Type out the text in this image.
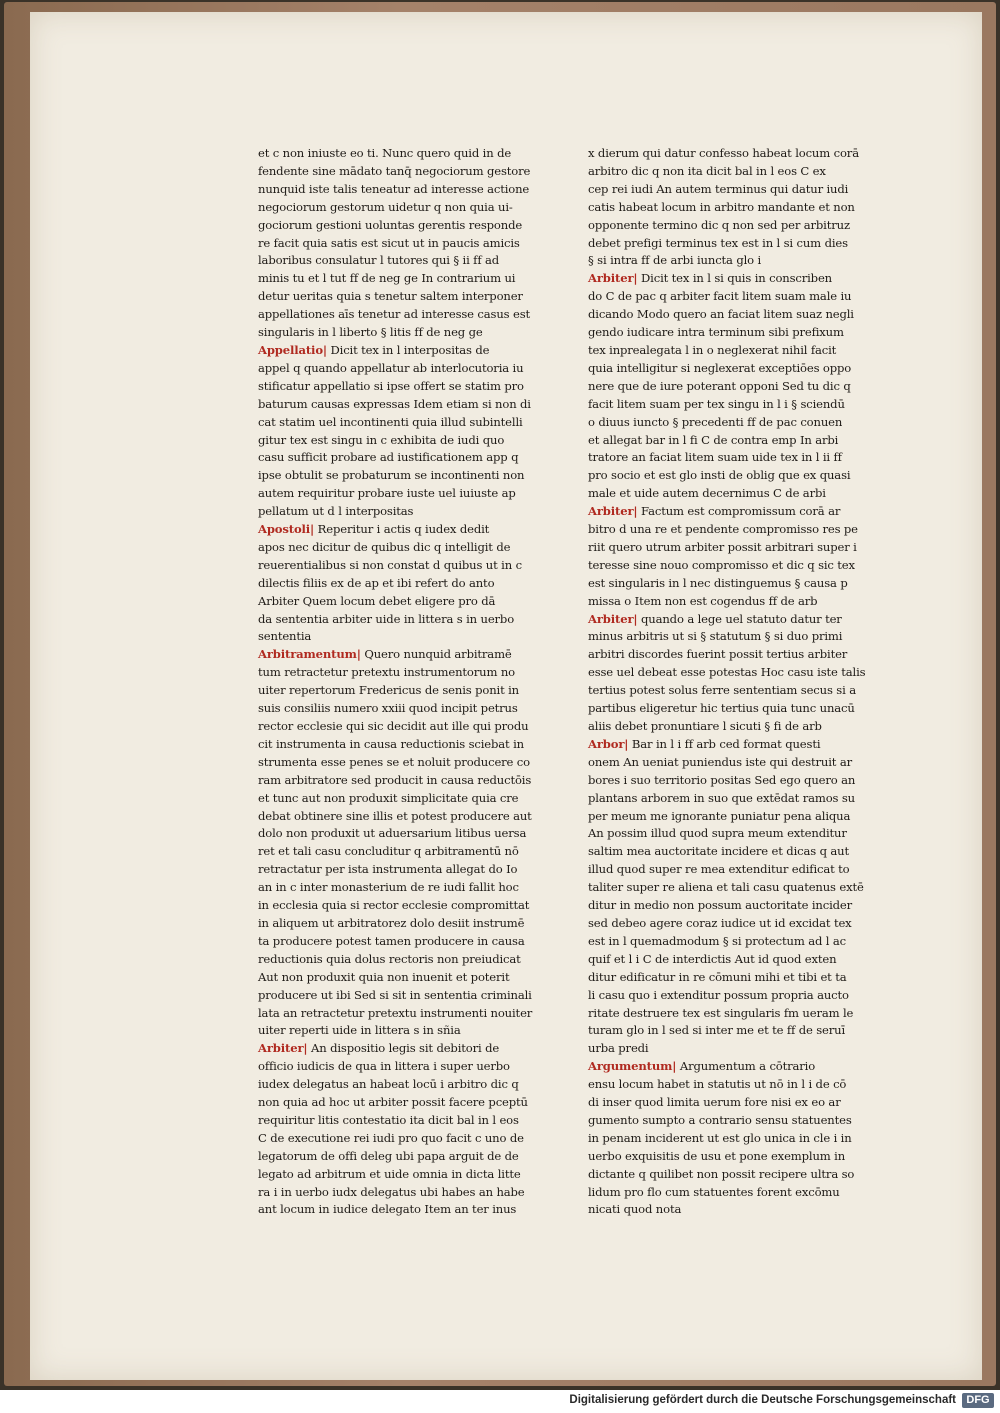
et c non iniuste eo ti. Nunc quero quid in de
fendente sine mādato tanq̄ negociorum gestore
nunquid iste talis teneatur ad interesse actione
negociorum gestorum uidetur q non quia ui-
gociorum gestioni uoluntas gerentis responde
re facit quia satis est sicut ut in paucis amicis
laboribus consulatur l tutores qui § ii ff ad
minis tu et l tut ff de neg ge In contrarium ui
detur ueritas quia s tenetur saltem interponer
appellationes aīs tenetur ad interesse casus est
singularis in l liberto § litis ff de neg ge
Appellatio| Dicit tex in l interpositas de
appel q quando appellatur ab interlocutoria iu
stificatur appellatio si ipse offert se statim pro
baturum causas expressas Idem etiam si non di
cat statim uel incontinenti quia illud subintelli
gitur tex est singu in c exhibita de iudi quo
casu sufficit probare ad iustificationem app q
ipse obtulit se probaturum se incontinenti non
autem requiritur probare iuste uel iuiuste ap
pellatum ut d l interpositas
Apostoli| Reperitur i actis q iudex dedit
apos nec dicitur de quibus dic q intelligit de
reuerentialibus si non constat d quibus ut in c
dilectis filiis ex de ap et ibi refert do anto
Arbiter Quem locum debet eligere pro dā
da sententia arbiter uide in littera s in uerbo
sententia
Arbitramentum| Quero nunquid arbitramē
tum retractetur pretextu instrumentorum no
uiter repertorum Fredericus de senis ponit in
suis consiliis numero xxiii quod incipit petrus
rector ecclesie qui sic decidit aut ille qui produ
cit instrumenta in causa reductionis sciebat in
strumenta esse penes se et noluit producere co
ram arbitratore sed producit in causa reductōis
et tunc aut non produxit simplicitate quia cre
debat obtinere sine illis et potest producere aut
dolo non produxit ut aduersarium litibus uersa
ret et tali casu concluditur q arbitramentū nō
retractatur per ista instrumenta allegat do Io
an in c inter monasterium de re iudi fallit hoc
in ecclesia quia si rector ecclesie compromittat
in aliquem ut arbitratorez dolo desiit instrumē
ta producere potest tamen producere in causa
reductionis quia dolus rectoris non preiudicat
Aut non produxit quia non inuenit et poterit
producere ut ibi Sed si sit in sententia criminali
lata an retractetur pretextu instrumenti nouiter
uiter reperti uide in littera s in sñia
Arbiter| An dispositio legis sit debitori de
officio iudicis de qua in littera i super uerbo
iudex delegatus an habeat locū i arbitro dic q
non quia ad hoc ut arbiter possit facere pceptū
requiritur litis contestatio ita dicit bal in l eos
C de executione rei iudi pro quo facit c uno de
legatorum de offi deleg ubi papa arguit de de
legato ad arbitrum et uide omnia in dicta litte
ra i in uerbo iudx delegatus ubi habes an habe
ant locum in iudice delegato Item an ter inus
x dierum qui datur confesso habeat locum corā
arbitro dic q non ita dicit bal in l eos C ex
cep rei iudi An autem terminus qui datur iudi
catis habeat locum in arbitro mandante et non
opponente termino dic q non sed per arbitruz
debet prefigi terminus tex est in l si cum dies
§ si intra ff de arbi iuncta glo i
Arbiter| Dicit tex in l si quis in conscriben
do C de pac q arbiter facit litem suam male iu
dicando Modo quero an faciat litem suaz negli
gendo iudicare intra terminum sibi prefixum
tex inprealegata l in o neglexerat nihil facit
quia intelligitur si neglexerat exceptiōes oppo
nere que de iure poterant opponi Sed tu dic q
facit litem suam per tex singu in l i § sciendū
o diuus iuncto § precedenti ff de pac conuen
et allegat bar in l fi C de contra emp In arbi
tratore an faciat litem suam uide tex in l ii ff
pro socio et est glo insti de oblig que ex quasi
male et uide autem decernimus C de arbi
Arbiter| Factum est compromissum corā ar
bitro d una re et pendente compromisso res pe
riit quero utrum arbiter possit arbitrari super i
teresse sine nouo compromisso et dic q sic tex
est singularis in l nec distinguemus § causa p
missa o Item non est cogendus ff de arb
Arbiter| quando a lege uel statuto datur ter
minus arbitris ut si § statutum § si duo primi
arbitri discordes fuerint possit tertius arbiter
esse uel debeat esse potestas Hoc casu iste talis
tertius potest solus ferre sententiam secus si a
partibus eligeretur hic tertius quia tunc unacū
aliis debet pronuntiare l sicuti § fi de arb
Arbor| Bar in l i ff arb ced format questi
onem An ueniat puniendus iste qui destruit ar
bores i suo territorio positas Sed ego quero an
plantans arborem in suo que extēdat ramos su
per meum me ignorante puniatur pena aliqua
An possim illud quod supra meum extenditur
saltim mea auctoritate incidere et dicas q aut
illud quod super re mea extenditur edificat to
taliter super re aliena et tali casu quatenus extē
ditur in medio non possum auctoritate incider
sed debeo agere coraz iudice ut id excidat tex
est in l quemadmodum § si protectum ad l ac
quif et l i C de interdictis Aut id quod exten
ditur edificatur in re cōmuni mihi et tibi et ta
li casu quo i extenditur possum propria aucto
ritate destruere tex est singularis fm ueram le
turam glo in l sed si inter me et te ff de seruī
urba predi
Argumentum| Argumentum a cōtrario
ensu locum habet in statutis ut nō in l i de cō
di inser quod limita uerum fore nisi ex eo ar
gumento sumpto a contrario sensu statuentes
in penam inciderent ut est glo unica in cle i in
uerbo exquisitis de usu et pone exemplum in
dictante q quilibet non possit recipere ultra so
lidum pro flo cum statuentes forent excōmu
nicati quod nota
Digitalisierung gefördert durch die Deutsche Forschungsgemeinschaft DFG
